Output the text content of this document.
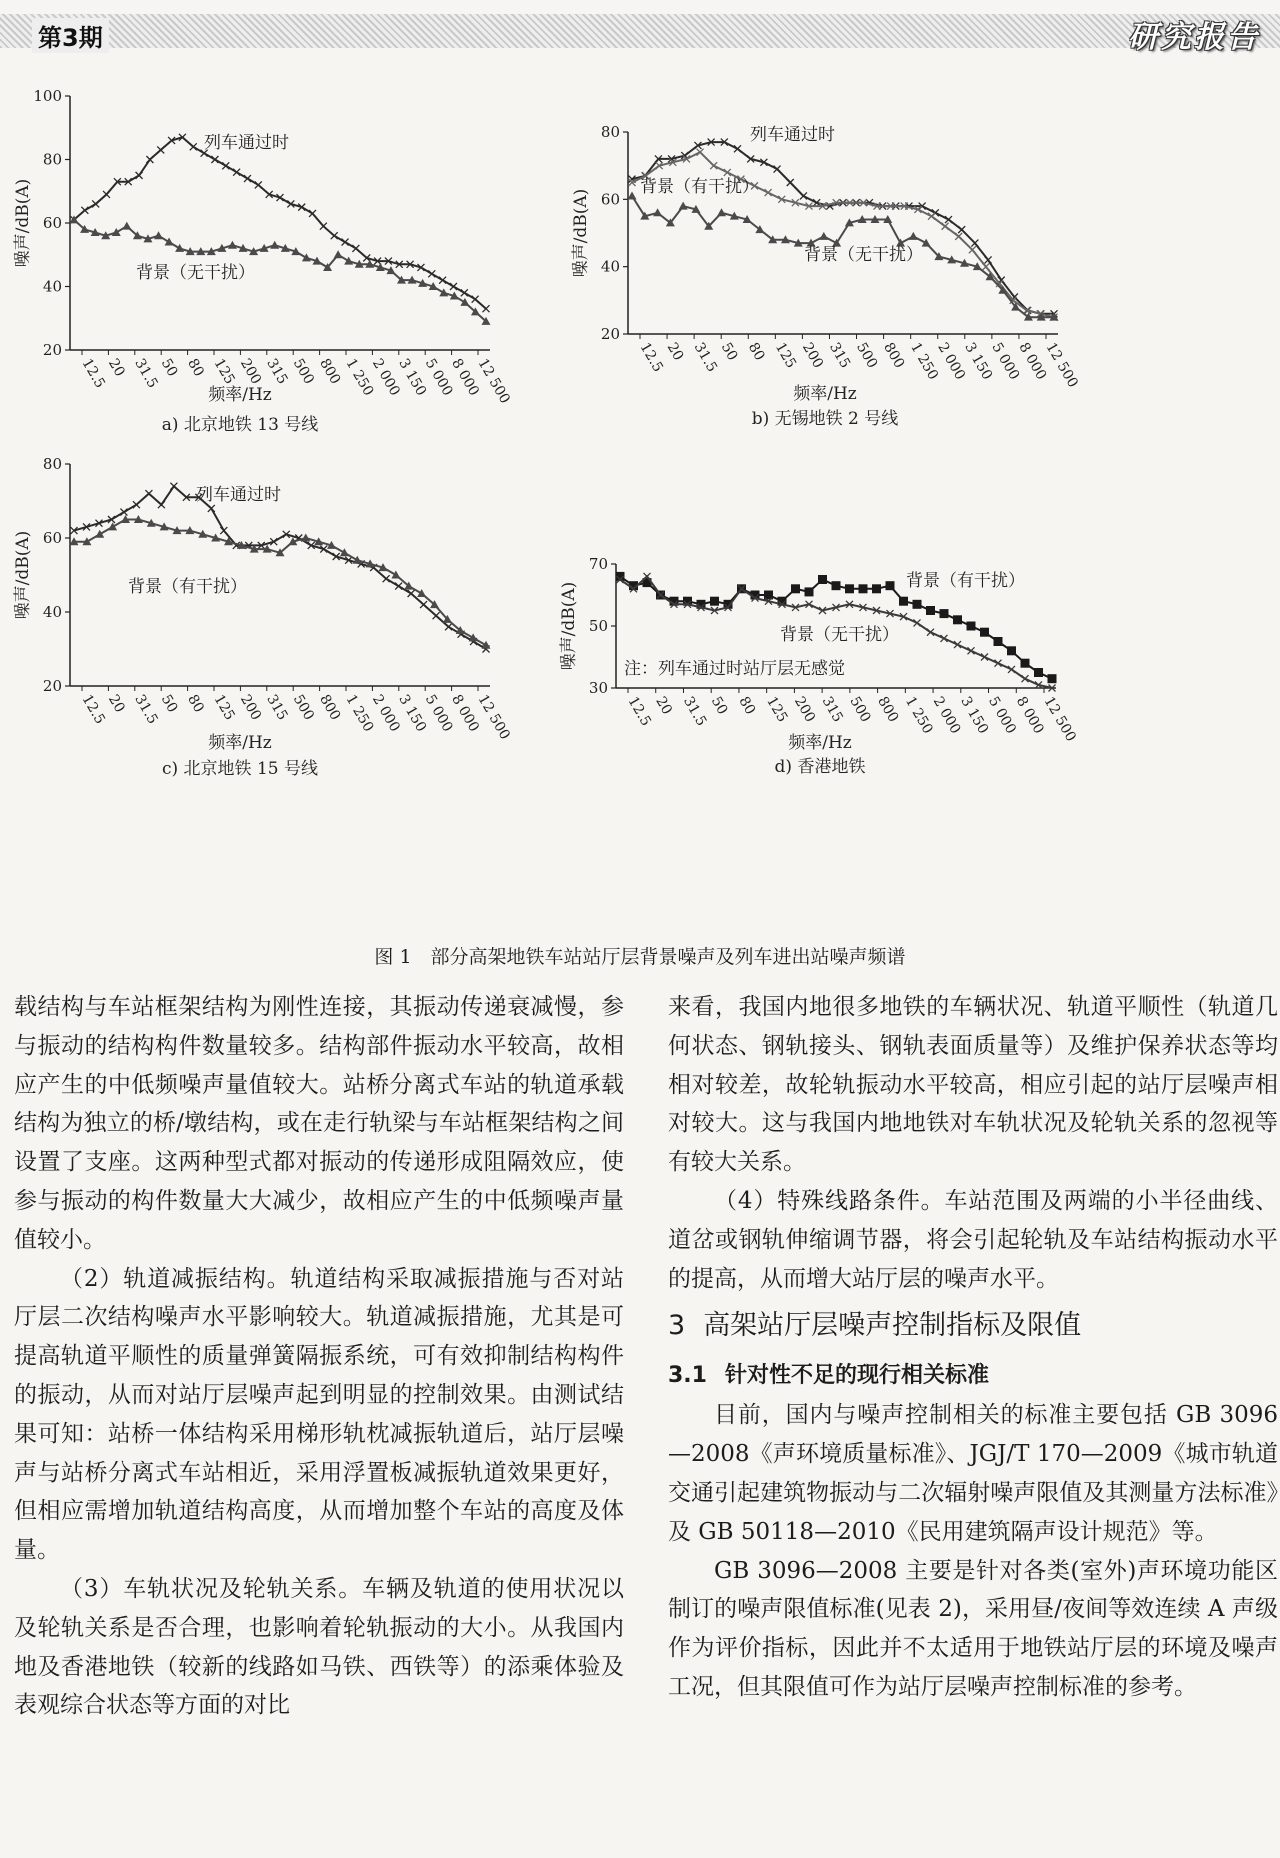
第3期	研究报告
100
80
60
40
20
12.5
20 31.5
50 80 125 200 315 500 800 1 250
2 000
3 150
5 000
8 000
12 500
噪声/dB(A)
频率/Hz
a) 北京地铁 13 号线
列车通过时
背景（无干扰）
80
60
40
20
12.5
20 31.5
50 80 125 200 315 500 800 1 250
2 000
3 150
5 000
8 000
12 500
噪声/dB(A)
频率/Hz
b) 无锡地铁 2 号线
列车通过时
背景（有干扰）
背景（无干扰）
80
60
40
20
12.5
20 31.5
50 80 125 200 315 500 800 1 250
2 000
3 150
5 000
8 000
12 500
噪声/dB(A)
频率/Hz
c) 北京地铁 15 号线
列车通过时
背景（有干扰）
70
50
30
12.5
20 31.5
50 80 125 200 315 500 800 1 250
2 000
3 150
5 000
8 000
12 500
噪声/dB(A)
频率/Hz
d) 香港地铁
背景（有干扰）
背景（无干扰）
注：列车通过时站厅层无感觉
图 1　部分高架地铁车站站厅层背景噪声及列车进出站噪声频谱

载结构与车站框架结构为刚性连接，其振动传递衰减慢，参与振动的结构构件数量较多。结构部件振动水平较高，故相应产生的中低频噪声量值较大。站桥分离式车站的轨道承载结构为独立的桥/墩结构，或在走行轨梁与车站框架结构之间设置了支座。这两种型式都对振动的传递形成阻隔效应，使参与振动的构件数量大大减少，故相应产生的中低频噪声量值较小。

（2）轨道减振结构。轨道结构采取减振措施与否对站厅层二次结构噪声水平影响较大。轨道减振措施，尤其是可提高轨道平顺性的质量弹簧隔振系统，可有效抑制结构构件的振动，从而对站厅层噪声起到明显的控制效果。由测试结果可知：站桥一体结构采用梯形轨枕减振轨道后，站厅层噪声与站桥分离式车站相近，采用浮置板减振轨道效果更好，但相应需增加轨道结构高度，从而增加整个车站的高度及体量。

（3）车轨状况及轮轨关系。车辆及轨道的使用状况以及轮轨关系是否合理，也影响着轮轨振动的大小。从我国内地及香港地铁（较新的线路如马铁、西铁等）的添乘体验及表观综合状态等方面的对比

来看，我国内地很多地铁的车辆状况、轨道平顺性（轨道几何状态、钢轨接头、钢轨表面质量等）及维护保养状态等均相对较差，故轮轨振动水平较高，相应引起的站厅层噪声相对较大。这与我国内地地铁对车轨状况及轮轨关系的忽视等有较大关系。

（4）特殊线路条件。车站范围及两端的小半径曲线、道岔或钢轨伸缩调节器，将会引起轮轨及车站结构振动水平的提高，从而增大站厅层的噪声水平。

3 高架站厅层噪声控制指标及限值
3.1 针对性不足的现行相关标准

目前，国内与噪声控制相关的标准主要包括 GB 3096—2008《声环境质量标准》、JGJ/T 170—2009《城市轨道交通引起建筑物振动与二次辐射噪声限值及其测量方法标准》及 GB 50118—2010《民用建筑隔声设计规范》等。

GB 3096—2008 主要是针对各类(室外)声环境功能区制订的噪声限值标准(见表 2)，采用昼/夜间等效连续 A 声级作为评价指标，因此并不太适用于地铁站厅层的环境及噪声工况，但其限值可作为站厅层噪声控制标准的参考。
